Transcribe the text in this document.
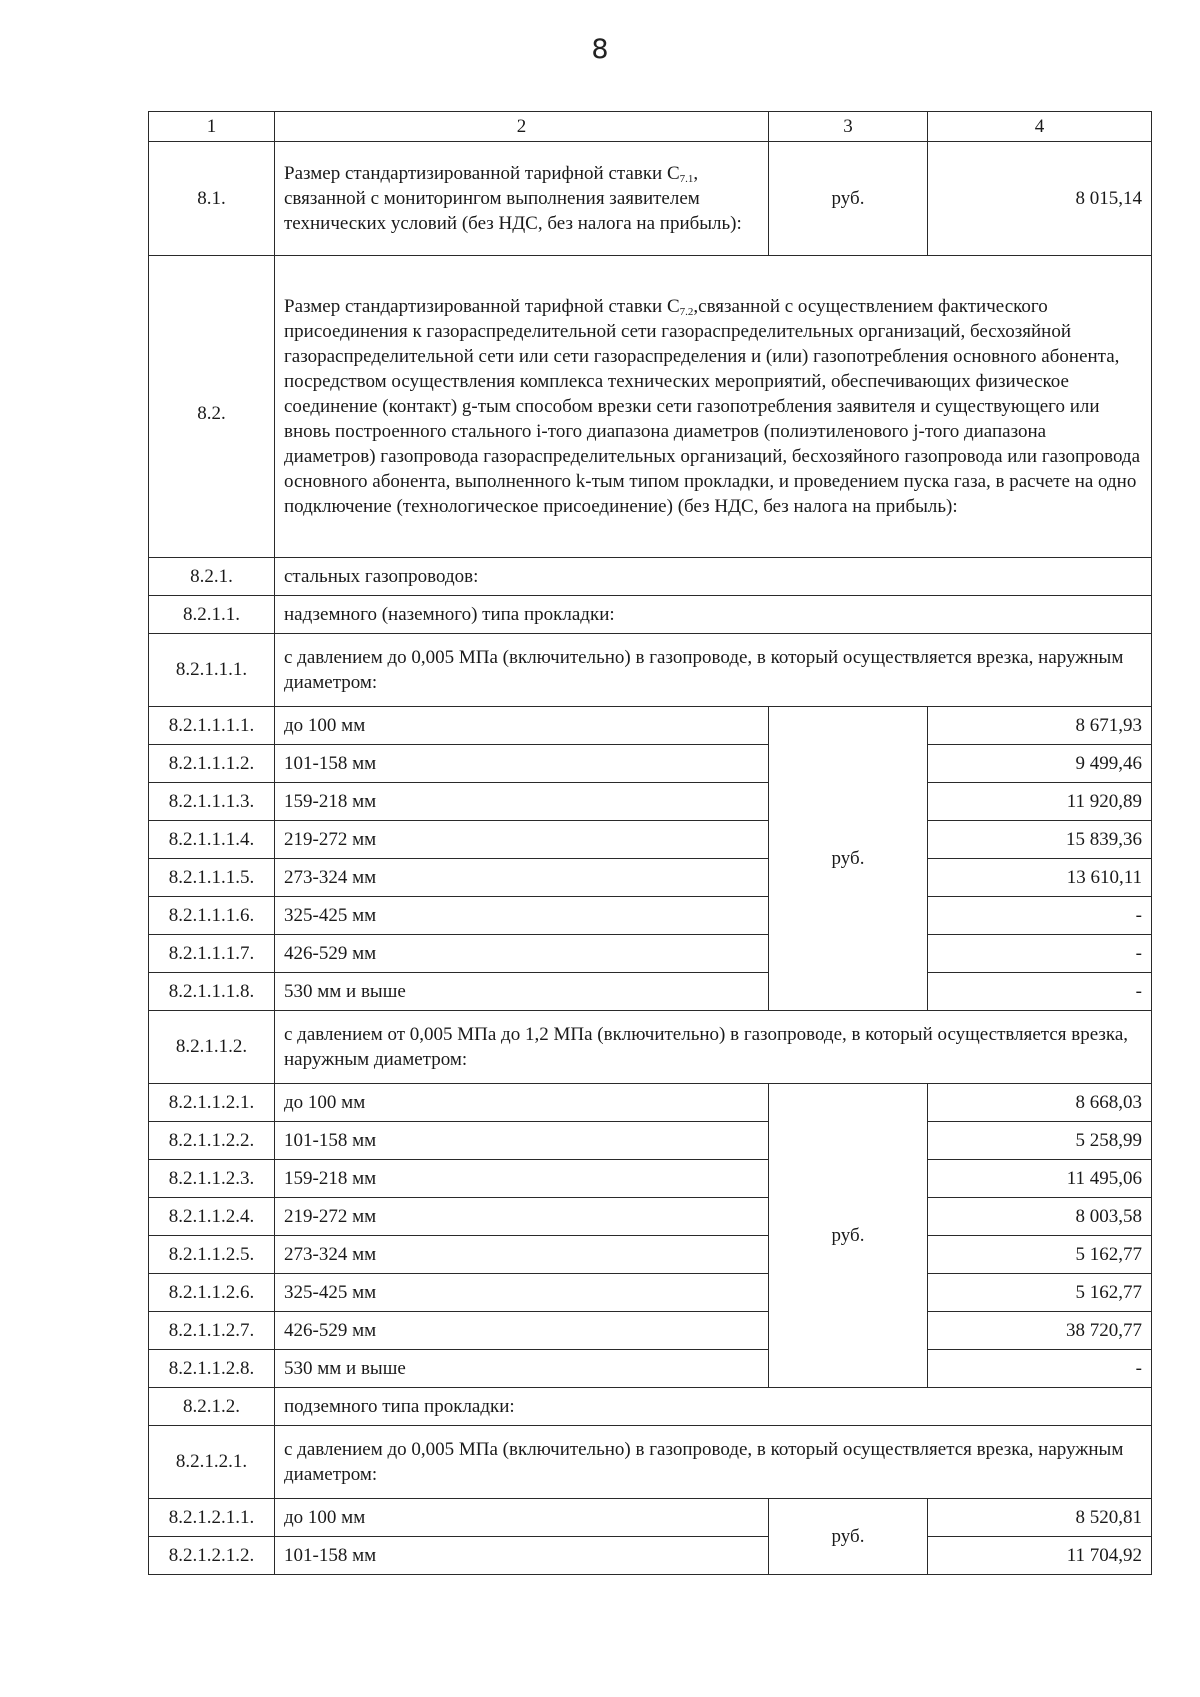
8
1	2	3	4
8.1.	Размер стандартизированной тарифной ставки $С_{7.1}$, связанной с мониторингом выполнения заявителем технических условий (без НДС, без налога на прибыль):	руб.	8 015,14
8.2.	Размер стандартизированной тарифной ставки $С_{7.2},связанной$ с осуществлением фактического присоединения к газораспределительной сети газораспределительных организаций, бесхозяйной газораспределительной сети или сети газораспределения и (или) газопотребления основного абонента, посредством осуществления комплекса технических мероприятий, обеспечивающих физическое соединение (контакт) g-тым способом врезки сети газопотребления заявителя и существующего или вновь построенного стального i-того диапазона диаметров (полиэтиленового j-того диапазона диаметров) газопровода газораспределительных организаций, бесхозяйного газопровода или газопровода основного абонента, выполненного k-тым типом прокладки, и проведением пуска газа, в расчете на одно подключение (технологическое присоединение) (без НДС, без налога на прибыль):		
8.2.1.	стальных газопроводов:		
8.2.1.1.	надземного (наземного) типа прокладки:		
8.2.1.1.1.	с давлением до 0,005 МПа (включительно) в газопроводе, в который осуществляется врезка, наружным диаметром:		
8.2.1.1.1.1.	до 100 мм	руб.	8 671,93
8.2.1.1.1.2.	101-158 мм		9 499,46
8.2.1.1.1.3.	159-218 мм		11 920,89
8.2.1.1.1.4.	219-272 мм		15 839,36
8.2.1.1.1.5.	273-324 мм		13 610,11
8.2.1.1.1.6.	325-425 мм		-
8.2.1.1.1.7.	426-529 мм		-
8.2.1.1.1.8.	530 мм и выше		-
8.2.1.1.2.	с давлением от 0,005 МПа до 1,2 МПа (включительно) в газопроводе, в который осуществляется врезка, наружным диаметром:		
8.2.1.1.2.1.	до 100 мм	руб.	8 668,03
8.2.1.1.2.2.	101-158 мм		5 258,99
8.2.1.1.2.3.	159-218 мм		11 495,06
8.2.1.1.2.4.	219-272 мм		8 003,58
8.2.1.1.2.5.	273-324 мм		5 162,77
8.2.1.1.2.6.	325-425 мм		5 162,77
8.2.1.1.2.7.	426-529 мм		38 720,77
8.2.1.1.2.8.	530 мм и выше		-
8.2.1.2.	подземного типа прокладки:		
8.2.1.2.1.	с давлением до 0,005 МПа (включительно) в газопроводе, в который осуществляется врезка, наружным диаметром:		
8.2.1.2.1.1.	до 100 мм	руб.	8 520,81
8.2.1.2.1.2.	101-158 мм		11 704,92
